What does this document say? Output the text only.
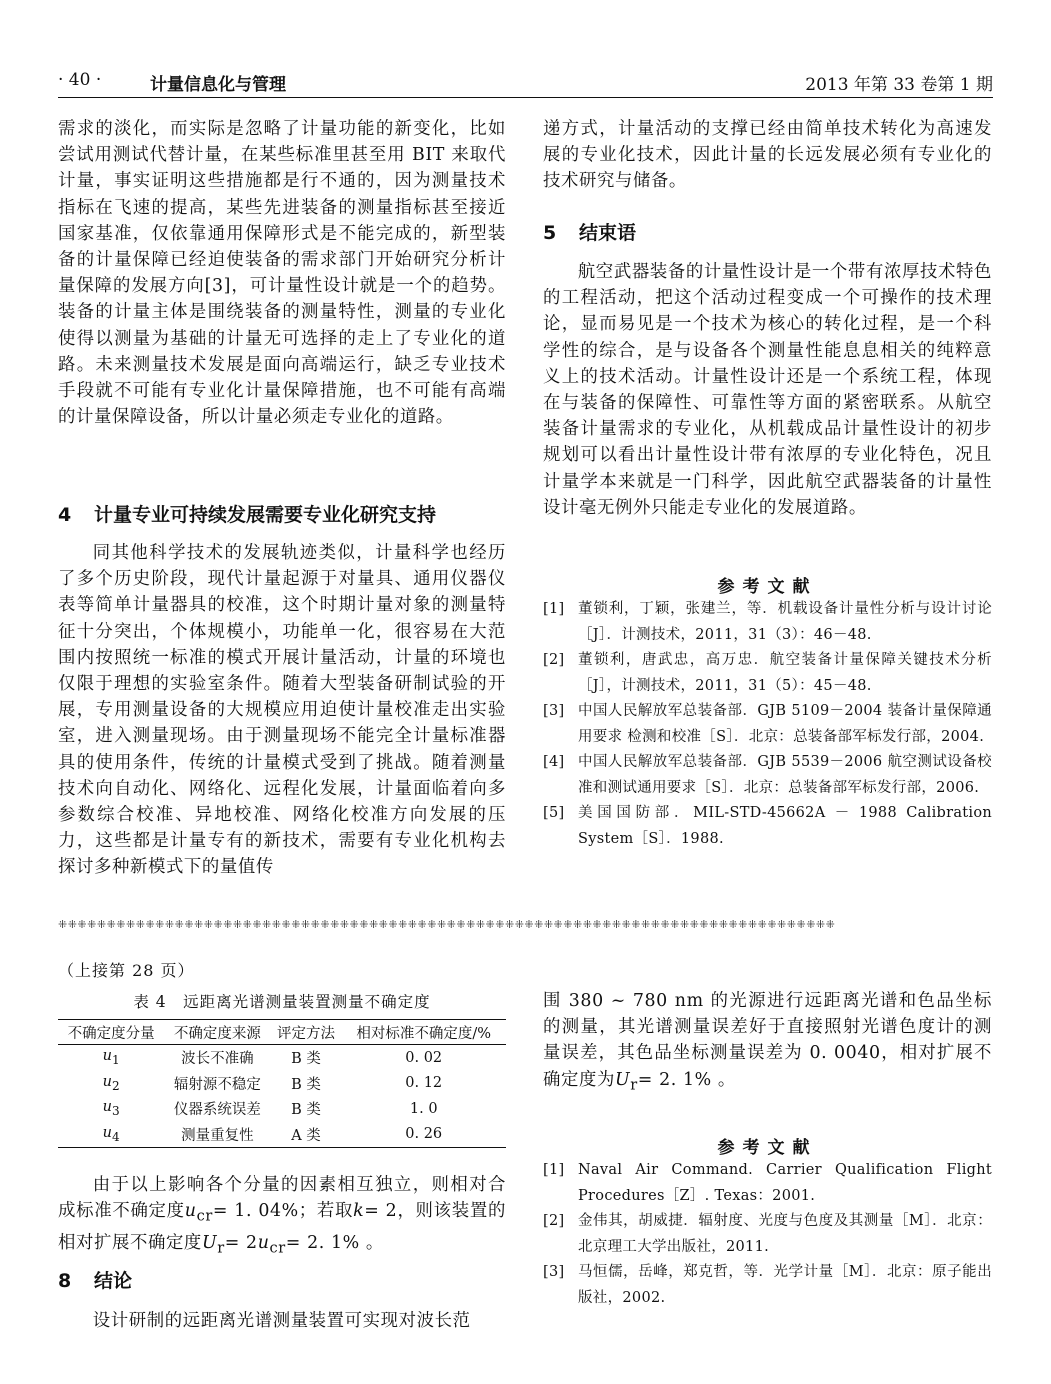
· 40 ·	计量信息化与管理	2013 年第 33 卷第 1 期

需求的淡化，而实际是忽略了计量功能的新变化，比如尝试用测试代替计量，在某些标准里甚至用 BIT 来取代计量，事实证明这些措施都是行不通的，因为测量技术指标在飞速的提高，某些先进装备的测量指标甚至接近国家基准，仅依靠通用保障形式是不能完成的，新型装备的计量保障已经迫使装备的需求部门开始研究分析计量保障的发展方向[3]，可计量性设计就是一个的趋势。装备的计量主体是围绕装备的测量特性，测量的专业化使得以测量为基础的计量无可选择的走上了专业化的道路。未来测量技术发展是面向高端运行，缺乏专业技术手段就不可能有专业化计量保障措施，也不可能有高端的计量保障设备，所以计量必须走专业化的道路。

4 计量专业可持续发展需要专业化研究支持

同其他科学技术的发展轨迹类似，计量科学也经历了多个历史阶段，现代计量起源于对量具、通用仪器仪表等简单计量器具的校准，这个时期计量对象的测量特征十分突出，个体规模小，功能单一化，很容易在大范围内按照统一标准的模式开展计量活动，计量的环境也仅限于理想的实验室条件。随着大型装备研制试验的开展，专用测量设备的大规模应用迫使计量校准走出实验室，进入测量现场。由于测量现场不能完全计量标准器具的使用条件，传统的计量模式受到了挑战。随着测量技术向自动化、网络化、远程化发展，计量面临着向多参数综合校准、异地校准、网络化校准方向发展的压力，这些都是计量专有的新技术，需要有专业化机构去探讨多种新模式下的量值传

递方式，计量活动的支撑已经由简单技术转化为高速发展的专业化技术，因此计量的长远发展必须有专业化的技术研究与储备。

5 结束语

航空武器装备的计量性设计是一个带有浓厚技术特色的工程活动，把这个活动过程变成一个可操作的技术理论，显而易见是一个技术为核心的转化过程，是一个科学性的综合，是与设备各个测量性能息息相关的纯粹意义上的技术活动。计量性设计还是一个系统工程，体现在与装备的保障性、可靠性等方面的紧密联系。从航空装备计量需求的专业化，从机载成品计量性设计的初步规划可以看出计量性设计带有浓厚的专业化特色，况且计量学本来就是一门科学，因此航空武器装备的计量性设计毫无例外只能走专业化的发展道路。

参考文献
[1] 董锁利，丁颖，张建兰，等．机载设备计量性分析与设计讨论［J］．计测技术，2011，31（3）：46－48.
[2] 董锁利，唐武忠，高万忠．航空装备计量保障关键技术分析［J］，计测技术，2011，31（5）：45－48.
[3] 中国人民解放军总装备部．GJB 5109－2004 装备计量保障通用要求 检测和校准［S］．北京：总装备部军标发行部，2004.
[4] 中国人民解放军总装备部．GJB 5539－2006 航空测试设备校准和测试通用要求［S］．北京：总装备部军标发行部，2006.
[5] 美国国防部．MIL-STD-45662A － 1988 Calibration System［S］．1988.
⁜⁜⁜⁜⁜⁜⁜⁜⁜⁜⁜⁜⁜⁜⁜⁜⁜⁜⁜⁜⁜⁜⁜⁜⁜⁜⁜⁜⁜⁜⁜⁜⁜⁜⁜⁜⁜⁜⁜⁜⁜⁜⁜⁜⁜⁜⁜⁜⁜⁜⁜⁜⁜⁜⁜⁜⁜⁜⁜⁜⁜⁜⁜⁜⁜⁜⁜⁜⁜⁜⁜⁜⁜⁜⁜⁜⁜⁜⁜⁜
（上接第 28 页）
表 4　远距离光谱测量装置测量不确定度
不确定度分量	不确定度来源	评定方法	相对标准不确定度/%
$u_1$	波长不准确	B 类	0. 02
$u_2$	辐射源不稳定	B 类	0. 12
$u_3$	仪器系统误差	B 类	1. 0
$u_4$	测量重复性	A 类	0. 26

由于以上影响各个分量的因素相互独立，则相对合成标准不确定度$u_{cr}= 1$. 04%；若取k= 2，则该装置的相对扩展不确定度$U_r= 2u_{cr}= 2$. 1% 。

8 结论

设计研制的远距离光谱测量装置可实现对波长范

围 380 ~ 780 nm 的光源进行远距离光谱和色品坐标的测量，其光谱测量误差好于直接照射光谱色度计的测量误差，其色品坐标测量误差为 0. 0040，相对扩展不确定度为$U_r= 2$. 1% 。

参考文献
[1] Naval Air Command. Carrier Qualification Flight Procedures［Z］. Texas：2001.
[2] 金伟其，胡威捷．辐射度、光度与色度及其测量［M］．北京：北京理工大学出版社，2011.
[3] 马恒儒，岳峰，郑克哲，等．光学计量［M］．北京：原子能出版社，2002.
